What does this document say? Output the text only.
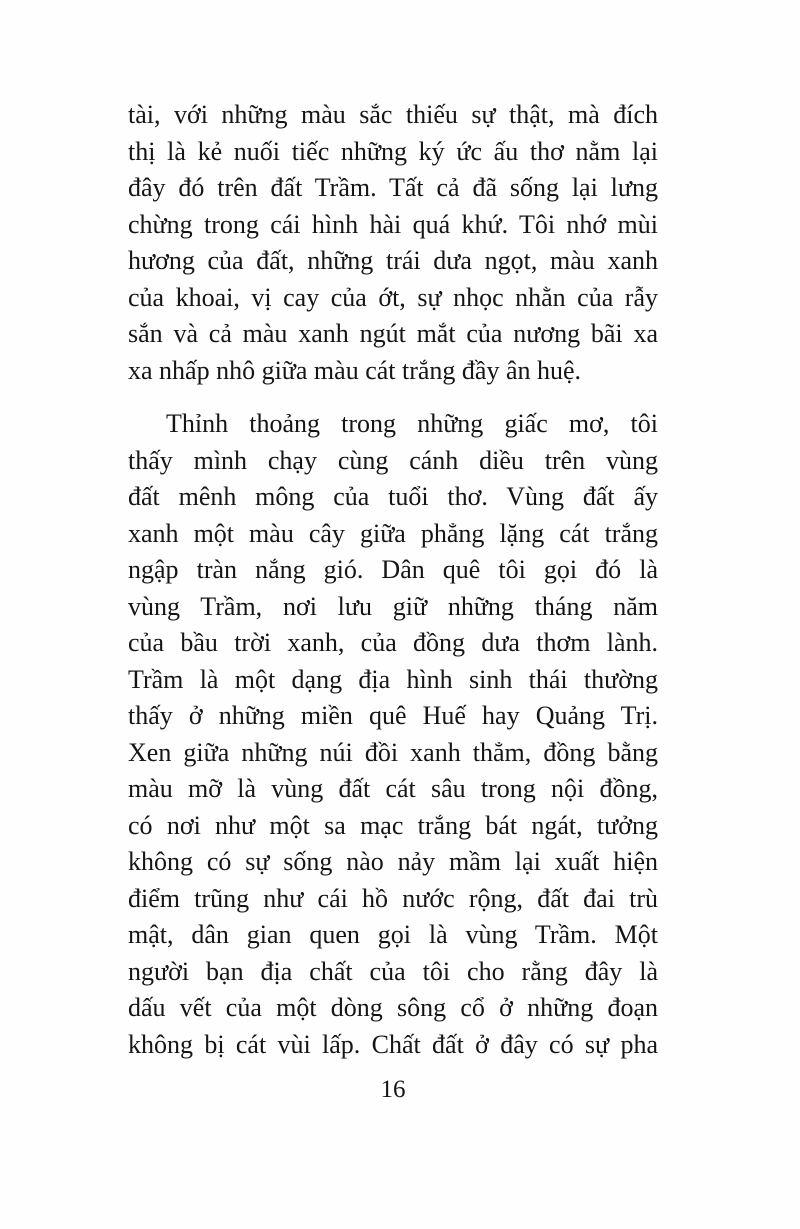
tài, với những màu sắc thiếu sự thật, mà đích
thị là kẻ nuối tiếc những ký ức ấu thơ nằm lại
đây đó trên đất Trầm. Tất cả đã sống lại lưng
chừng trong cái hình hài quá khứ. Tôi nhớ mùi
hương của đất, những trái dưa ngọt, màu xanh
của khoai, vị cay của ớt, sự nhọc nhằn của rẫy
sắn và cả màu xanh ngút mắt của nương bãi xa
xa nhấp nhô giữa màu cát trắng đầy ân huệ.
Thỉnh thoảng trong những giấc mơ, tôi
thấy mình chạy cùng cánh diều trên vùng
đất mênh mông của tuổi thơ. Vùng đất ấy
xanh một màu cây giữa phẳng lặng cát trắng
ngập tràn nắng gió. Dân quê tôi gọi đó là
vùng Trầm, nơi lưu giữ những tháng năm
của bầu trời xanh, của đồng dưa thơm lành.
Trầm là một dạng địa hình sinh thái thường
thấy ở những miền quê Huế hay Quảng Trị.
Xen giữa những núi đồi xanh thẳm, đồng bằng
màu mỡ là vùng đất cát sâu trong nội đồng,
có nơi như một sa mạc trắng bát ngát, tưởng
không có sự sống nào nảy mầm lại xuất hiện
điểm trũng như cái hồ nước rộng, đất đai trù
mật, dân gian quen gọi là vùng Trầm. Một
người bạn địa chất của tôi cho rằng đây là
dấu vết của một dòng sông cổ ở những đoạn
không bị cát vùi lấp. Chất đất ở đây có sự pha
16
